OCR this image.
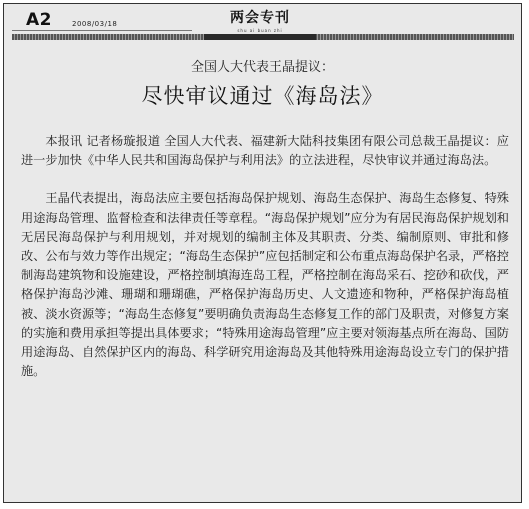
A2	2008/03/18	两会专刊
shu ai buan zhi
全国人大代表王晶提议：
尽快审议通过《海岛法》

本报讯 记者杨璇报道 全国人大代表、福建新大陆科技集团有限公司总裁王晶提议：应进一步加快《中华人民共和国海岛保护与利用法》的立法进程，尽快审议并通过海岛法。

王晶代表提出，海岛法应主要包括海岛保护规划、海岛生态保护、海岛生态修复、特殊用途海岛管理、监督检查和法律责任等章程。“海岛保护规划”应分为有居民海岛保护规划和无居民海岛保护与利用规划，并对规划的编制主体及其职责、分类、编制原则、审批和修改、公布与效力等作出规定；“海岛生态保护”应包括制定和公布重点海岛保护名录，严格控制海岛建筑物和设施建设，严格控制填海连岛工程，严格控制在海岛采石、挖砂和砍伐，严格保护海岛沙滩、珊瑚和珊瑚礁，严格保护海岛历史、人文遗迹和物种，严格保护海岛植被、淡水资源等；“海岛生态修复”要明确负责海岛生态修复工作的部门及职责，对修复方案的实施和费用承担等提出具体要求；“特殊用途海岛管理”应主要对领海基点所在海岛、国防用途海岛、自然保护区内的海岛、科学研究用途海岛及其他特殊用途海岛设立专门的保护措施。
